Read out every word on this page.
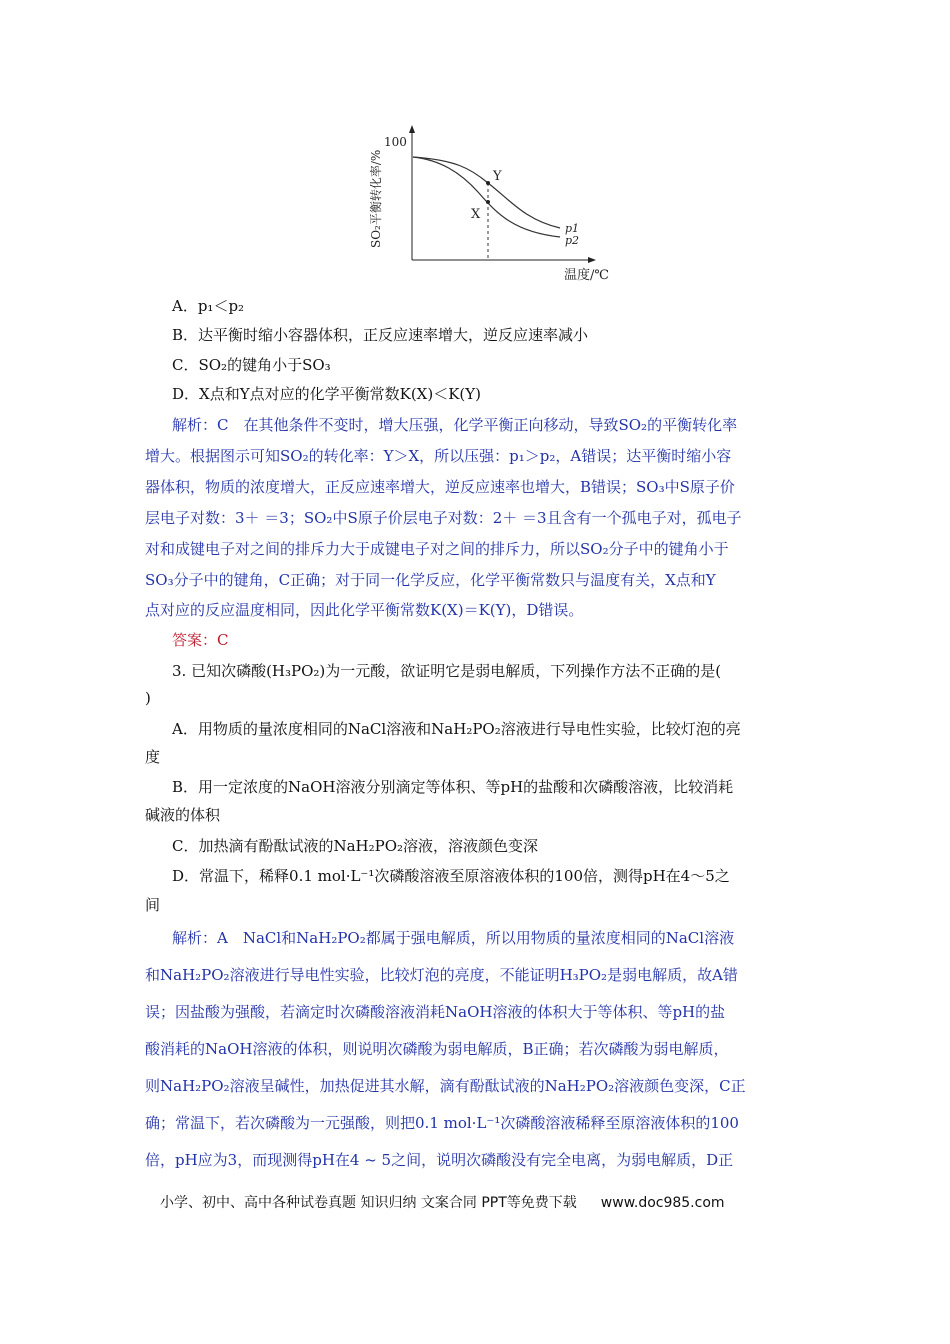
SO₂平衡转化率/%
100
Y
X
p1
p2
温度/℃
A．p₁＜p₂
B．达平衡时缩小容器体积，正反应速率增大，逆反应速率减小
C．SO₂的键角小于SO₃
D．X点和Y点对应的化学平衡常数K(X)＜K(Y)
解析：C　在其他条件不变时，增大压强，化学平衡正向移动，导致SO₂的平衡转化率
增大。根据图示可知SO₂的转化率：Y＞X，所以压强：p₁＞p₂，A错误；达平衡时缩小容
器体积，物质的浓度增大，正反应速率增大，逆反应速率也增大，B错误；SO₃中S原子价
层电子对数：3＋ ＝3；SO₂中S原子价层电子对数：2＋ ＝3且含有一个孤电子对，孤电子
对和成键电子对之间的排斥力大于成键电子对之间的排斥力，所以SO₂分子中的键角小于
SO₃分子中的键角，C正确；对于同一化学反应，化学平衡常数只与温度有关，X点和Y
点对应的反应温度相同，因此化学平衡常数K(X)＝K(Y)，D错误。
答案：C
3. 已知次磷酸(H₃PO₂)为一元酸，欲证明它是弱电解质，下列操作方法不正确的是(
)
A．用物质的量浓度相同的NaCl溶液和NaH₂PO₂溶液进行导电性实验，比较灯泡的亮
度
B．用一定浓度的NaOH溶液分别滴定等体积、等pH的盐酸和次磷酸溶液，比较消耗
碱液的体积
C．加热滴有酚酞试液的NaH₂PO₂溶液，溶液颜色变深
D．常温下，稀释0.1 mol·L⁻¹次磷酸溶液至原溶液体积的100倍，测得pH在4～5之
间
解析：A　NaCl和NaH₂PO₂都属于强电解质，所以用物质的量浓度相同的NaCl溶液
和NaH₂PO₂溶液进行导电性实验，比较灯泡的亮度，不能证明H₃PO₂是弱电解质，故A错
误；因盐酸为强酸，若滴定时次磷酸溶液消耗NaOH溶液的体积大于等体积、等pH的盐
酸消耗的NaOH溶液的体积，则说明次磷酸为弱电解质，B正确；若次磷酸为弱电解质，
则NaH₂PO₂溶液呈碱性，加热促进其水解，滴有酚酞试液的NaH₂PO₂溶液颜色变深，C正
确；常温下，若次磷酸为一元强酸，则把0.1 mol·L⁻¹次磷酸溶液稀释至原溶液体积的100
倍，pH应为3，而现测得pH在4 ~ 5之间，说明次磷酸没有完全电离，为弱电解质，D正
小学、初中、高中各种试卷真题 知识归纳 文案合同 PPT等免费下载 www.doc985.com
